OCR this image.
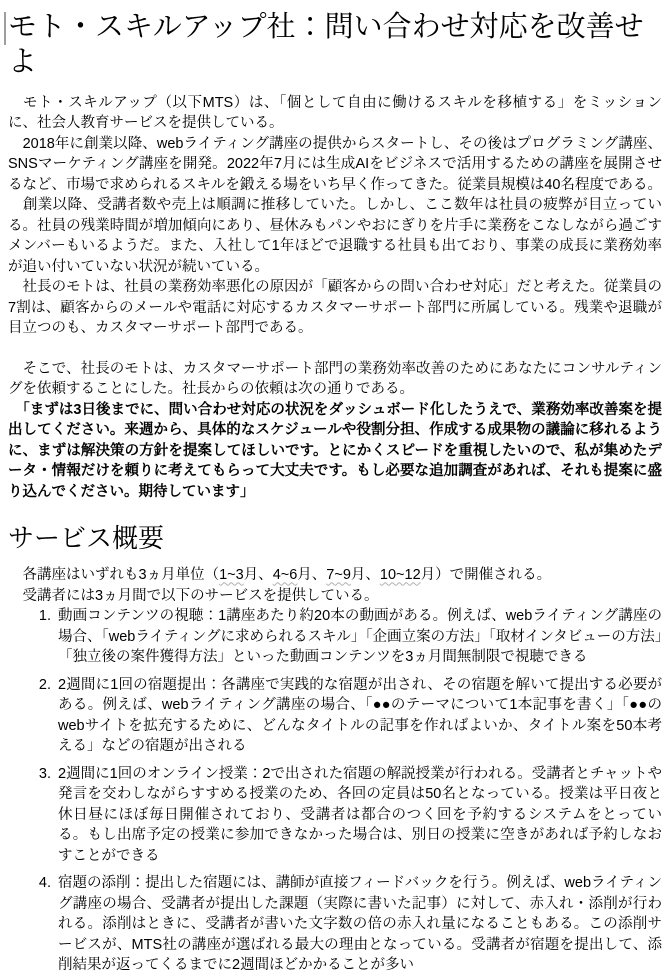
モト・スキルアップ社：問い合わせ対応を改善せよ

　モト・スキルアップ（以下MTS）は、「個として自由に働けるスキルを移植する」をミッションに、社会人教育サービスを提供している。

　2018年に創業以降、webライティング講座の提供からスタートし、その後はプログラミング講座、SNSマーケティング講座を開発。2022年7月には生成AIをビジネスで活用するための講座を展開させるなど、市場で求められるスキルを鍛える場をいち早く作ってきた。従業員規模は40名程度である。

　創業以降、受講者数や売上は順調に推移していた。しかし、ここ数年は社員の疲弊が目立っている。社員の残業時間が増加傾向にあり、昼休みもパンやおにぎりを片手に業務をこなしながら過ごすメンバーもいるようだ。また、入社して1年ほどで退職する社員も出ており、事業の成長に業務効率が追い付いていない状況が続いている。

　社長のモトは、社員の業務効率悪化の原因が「顧客からの問い合わせ対応」だと考えた。従業員の7割は、顧客からのメールや電話に対応するカスタマーサポート部門に所属している。残業や退職が目立つのも、カスタマーサポート部門である。

　そこで、社長のモトは、カスタマーサポート部門の業務効率改善のためにあなたにコンサルティングを依頼することにした。社長からの依頼は次の通りである。

　「まずは3日後までに、問い合わせ対応の状況をダッシュボード化したうえで、業務効率改善案を提出してください。来週から、具体的なスケジュールや役割分担、作成する成果物の議論に移れるように、まずは解決策の方針を提案してほしいです。とにかくスピードを重視したいので、私が集めたデータ・情報だけを頼りに考えてもらって大丈夫です。もし必要な追加調査があれば、それも提案に盛り込んでください。期待しています」

サービス概要

　各講座はいずれも3ヵ月単位（1~3月、4~6月、7~9月、10~12月）で開催される。

　受講者には3ヵ月間で以下のサービスを提供している。

1. 動画コンテンツの視聴：1講座あたり約20本の動画がある。例えば、webライティング講座の場合、「webライティングに求められるスキル」「企画立案の方法」「取材インタビューの方法」「独立後の案件獲得方法」といった動画コンテンツを3ヵ月間無制限で視聴できる
2. 2週間に1回の宿題提出：各講座で実践的な宿題が出され、その宿題を解いて提出する必要がある。例えば、webライティング講座の場合、「●●のテーマについて1本記事を書く」「●●のwebサイトを拡充するために、どんなタイトルの記事を作ればよいか、タイトル案を50本考える」などの宿題が出される
3. 2週間に1回のオンライン授業：2で出された宿題の解説授業が行われる。受講者とチャットや発言を交わしながらすすめる授業のため、各回の定員は50名となっている。授業は平日夜と休日昼にほぼ毎日開催されており、受講者は都合のつく回を予約するシステムをとっている。もし出席予定の授業に参加できなかった場合は、別日の授業に空きがあれば予約しなおすことができる
4. 宿題の添削：提出した宿題には、講師が直接フィードバックを行う。例えば、webライティング講座の場合、受講者が提出した課題（実際に書いた記事）に対して、赤入れ・添削が行われる。添削はときに、受講者が書いた文字数の倍の赤入れ量になることもある。この添削サービスが、MTS社の講座が選ばれる最大の理由となっている。受講者が宿題を提出して、添削結果が返ってくるまでに2週間ほどかかることが多い
